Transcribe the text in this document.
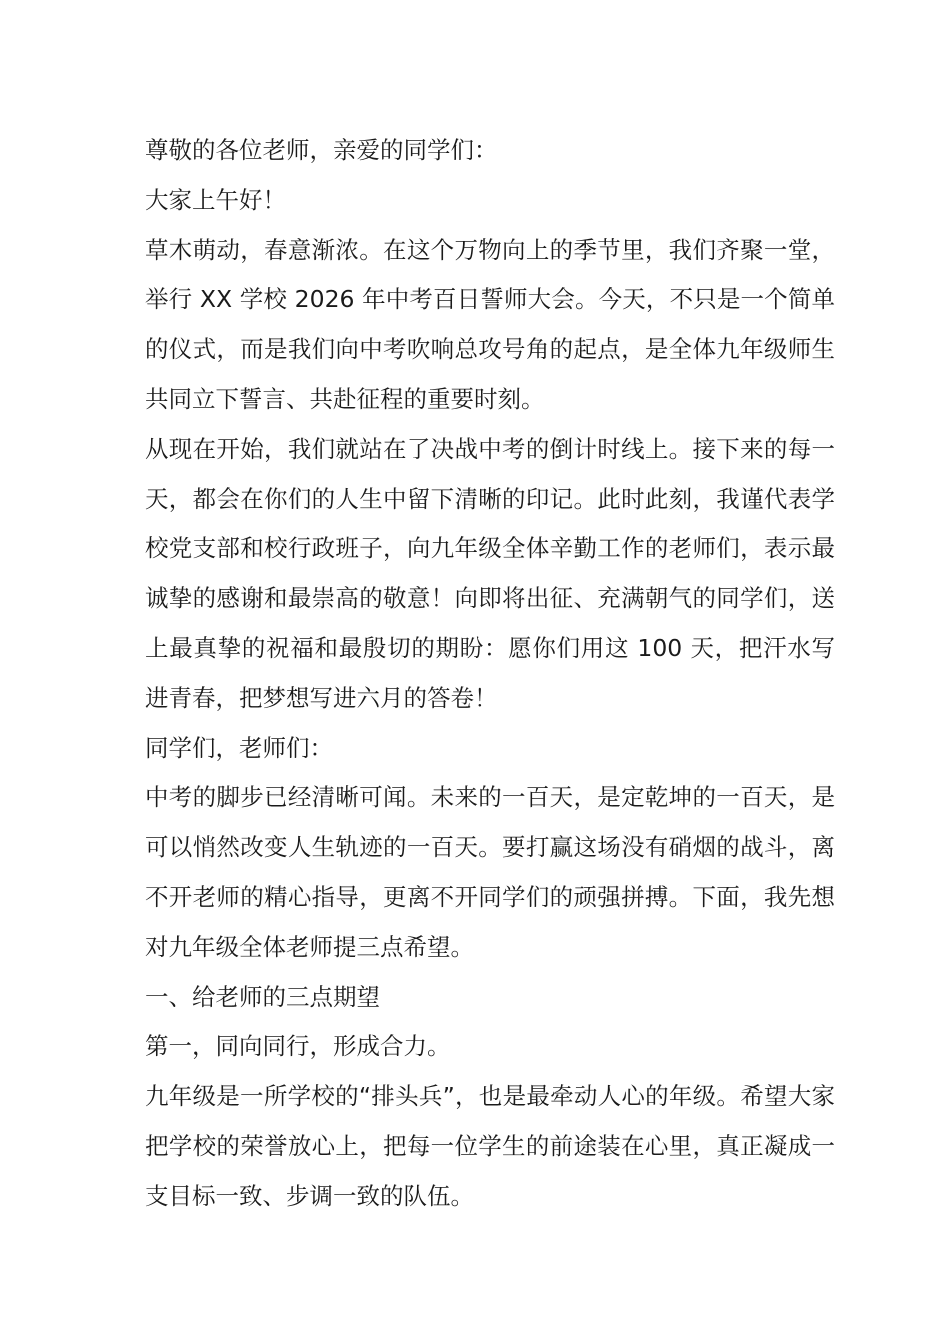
尊敬的各位老师，亲爱的同学们：

大家上午好！

草木萌动，春意渐浓。在这个万物向上的季节里，我们齐聚一堂，举行 XX 学校 2026 年中考百日誓师大会。今天，不只是一个简单的仪式，而是我们向中考吹响总攻号角的起点，是全体九年级师生共同立下誓言、共赴征程的重要时刻。

从现在开始，我们就站在了决战中考的倒计时线上。接下来的每一天，都会在你们的人生中留下清晰的印记。此时此刻，我谨代表学校党支部和校行政班子，向九年级全体辛勤工作的老师们，表示最诚挚的感谢和最崇高的敬意！向即将出征、充满朝气的同学们，送上最真挚的祝福和最殷切的期盼：愿你们用这 100 天，把汗水写进青春，把梦想写进六月的答卷！

同学们，老师们：

中考的脚步已经清晰可闻。未来的一百天，是定乾坤的一百天，是可以悄然改变人生轨迹的一百天。要打赢这场没有硝烟的战斗，离不开老师的精心指导，更离不开同学们的顽强拼搏。下面，我先想对九年级全体老师提三点希望。

一、给老师的三点期望

第一，同向同行，形成合力。

九年级是一所学校的“排头兵”，也是最牵动人心的年级。希望大家把学校的荣誉放心上，把每一位学生的前途装在心里，真正凝成一支目标一致、步调一致的队伍。
